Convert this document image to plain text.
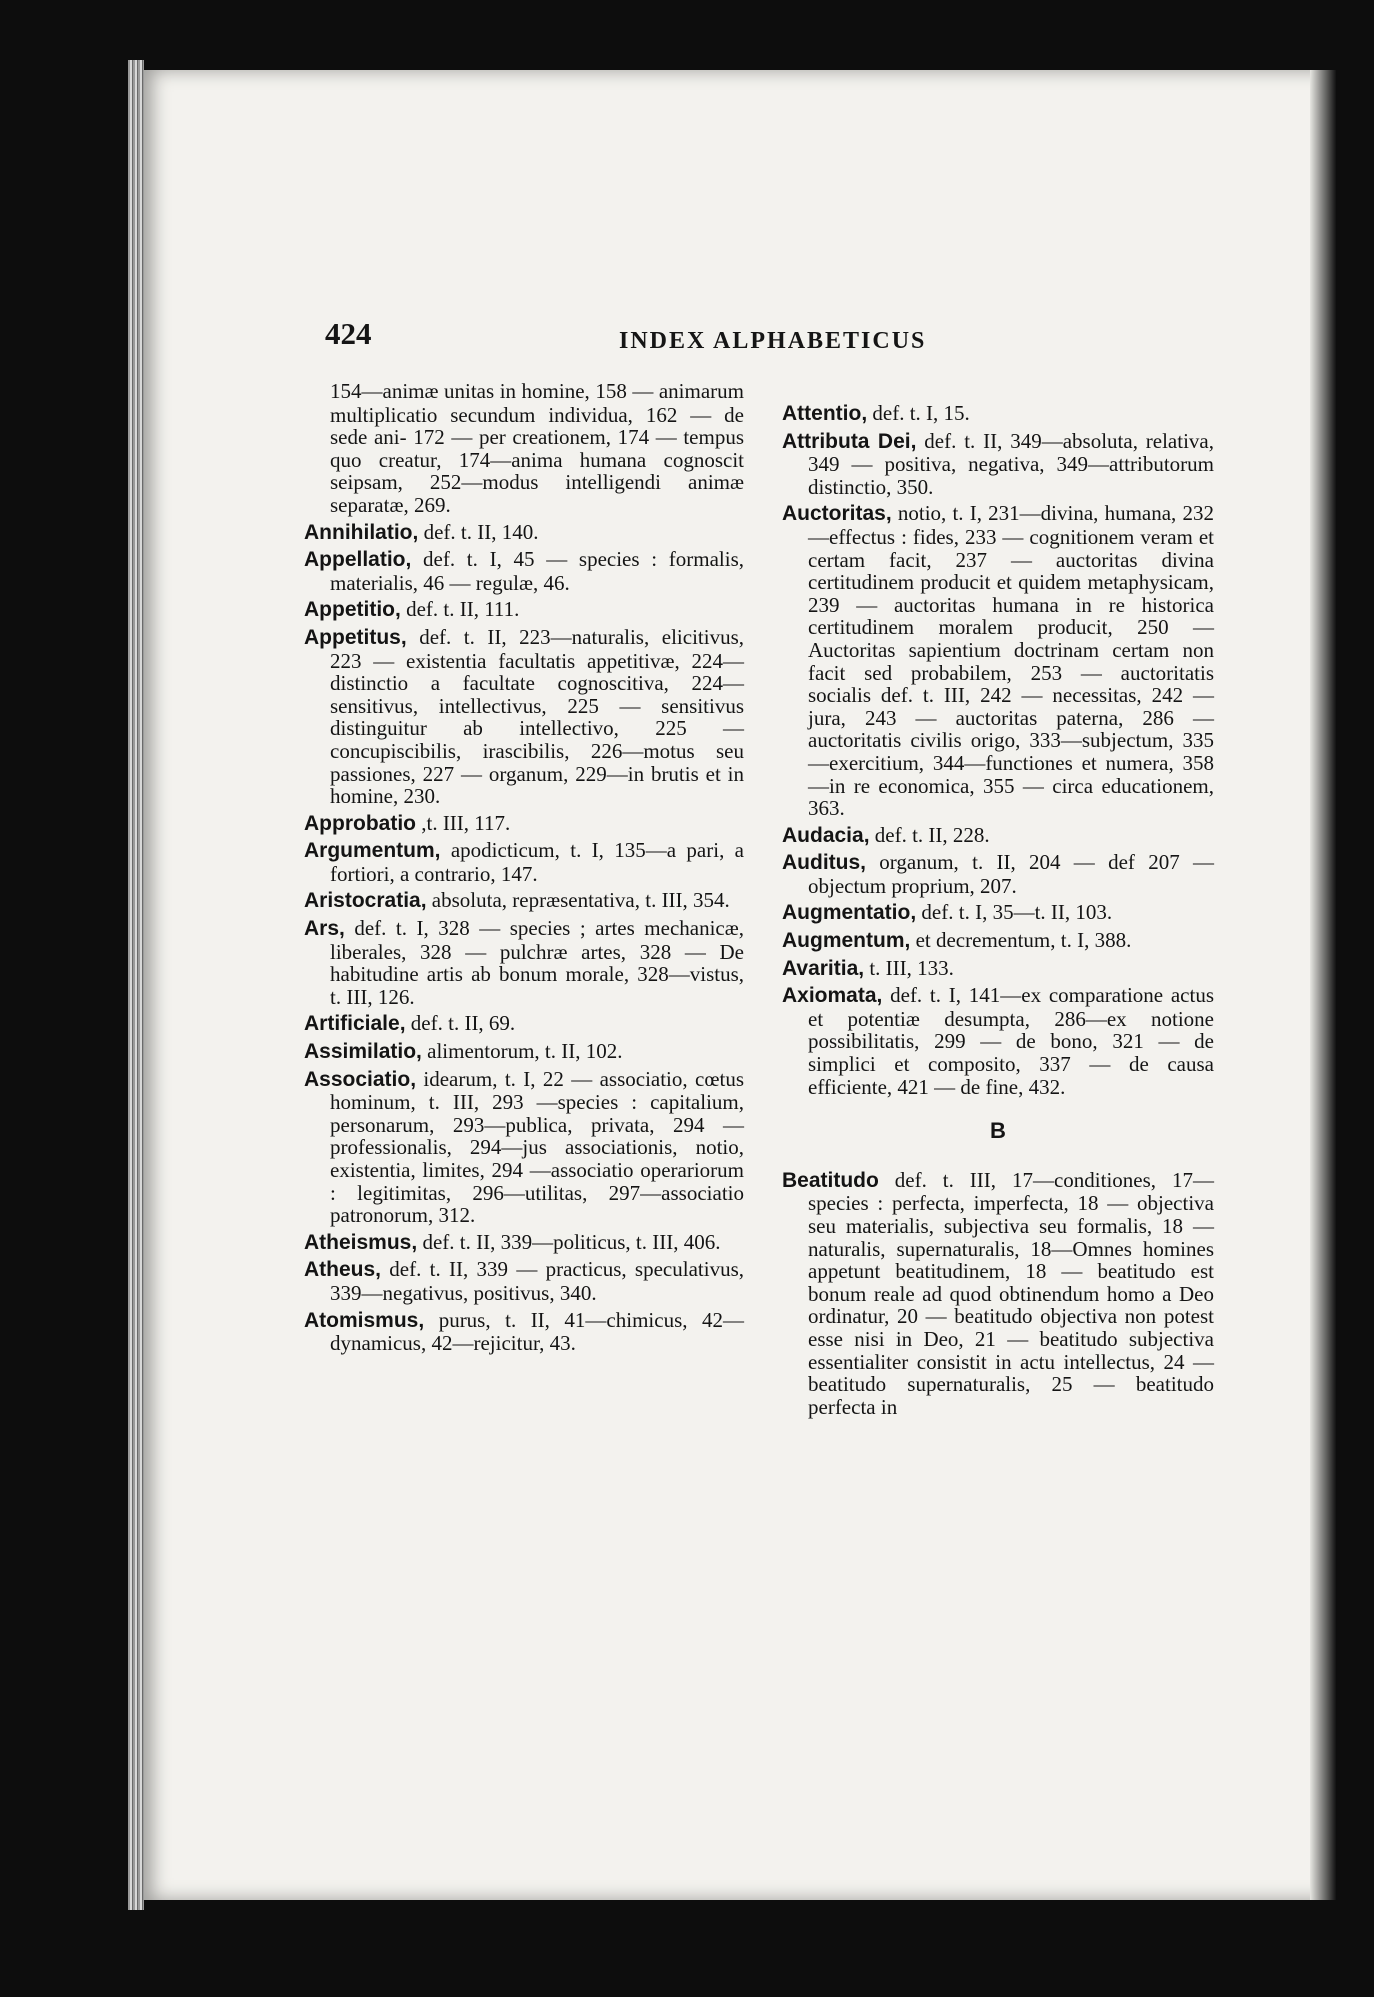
424	INDEX ALPHABETICUS

154—animæ unitas in homine, 158 — animarum multiplicatio secundum individua, 162 — de sede ani- 172 — per creationem, 174 — tempus quo creatur, 174—anima humana cognoscit seipsam, 252—modus intelligendi animæ separatæ, 269.

Annihilatio, def. t. II, 140.

Appellatio, def. t. I, 45 — species : formalis, materialis, 46 — regulæ, 46.

Appetitio, def. t. II, 111.

Appetitus, def. t. II, 223—naturalis, elicitivus, 223 — existentia facultatis appetitivæ, 224—distinctio a facultate cognoscitiva, 224—sensitivus, intellectivus, 225 — sensitivus distinguitur ab intellectivo, 225 — concupiscibilis, irascibilis, 226—motus seu passiones, 227 — organum, 229—in brutis et in homine, 230.

Approbatio ,t. III, 117.

Argumentum, apodicticum, t. I, 135—a pari, a fortiori, a contrario, 147.

Aristocratia, absoluta, repræsentativa, t. III, 354.

Ars, def. t. I, 328 — species ; artes mechanicæ, liberales, 328 — pulchræ artes, 328 — De habitudine artis ab bonum morale, 328—vistus, t. III, 126.

Artificiale, def. t. II, 69.

Assimilatio, alimentorum, t. II, 102.

Associatio, idearum, t. I, 22 — associatio, cœtus hominum, t. III, 293 —species : capitalium, personarum, 293—publica, privata, 294 — professionalis, 294—jus associationis, notio, existentia, limites, 294 —associatio operariorum : legitimitas, 296—utilitas, 297—associatio patronorum, 312.

Atheismus, def. t. II, 339—politicus, t. III, 406.

Atheus, def. t. II, 339 — practicus, speculativus, 339—negativus, positivus, 340.

Atomismus, purus, t. II, 41—chimicus, 42—dynamicus, 42—rejicitur, 43.

Attentio, def. t. I, 15.

Attributa Dei, def. t. II, 349—absoluta, relativa, 349 — positiva, negativa, 349—attributorum distinctio, 350.

Auctoritas, notio, t. I, 231—divina, humana, 232—effectus : fides, 233 — cognitionem veram et certam facit, 237 — auctoritas divina certitudinem producit et quidem metaphysicam, 239 — auctoritas humana in re historica certitudinem moralem producit, 250 — Auctoritas sapientium doctrinam certam non facit sed probabilem, 253 — auctoritatis socialis def. t. III, 242 — necessitas, 242 — jura, 243 — auctoritas paterna, 286 — auctoritatis civilis origo, 333—subjectum, 335—exercitium, 344—functiones et numera, 358—in re economica, 355 — circa educationem, 363.

Audacia, def. t. II, 228.

Auditus, organum, t. II, 204 — def 207 — objectum proprium, 207.

Augmentatio, def. t. I, 35—t. II, 103.

Augmentum, et decrementum, t. I, 388.

Avaritia, t. III, 133.

Axiomata, def. t. I, 141—ex comparatione actus et potentiæ desumpta, 286—ex notione possibilitatis, 299 — de bono, 321 — de simplici et composito, 337 — de causa efficiente, 421 — de fine, 432.

B

Beatitudo def. t. III, 17—conditiones, 17—species : perfecta, imperfecta, 18 — objectiva seu materialis, subjectiva seu formalis, 18 — naturalis, supernaturalis, 18—Omnes homines appetunt beatitudinem, 18 — beatitudo est bonum reale ad quod obtinendum homo a Deo ordinatur, 20 — beatitudo objectiva non potest esse nisi in Deo, 21 — beatitudo subjectiva essentialiter consistit in actu intellectus, 24 — beatitudo supernaturalis, 25 — beatitudo perfecta in
